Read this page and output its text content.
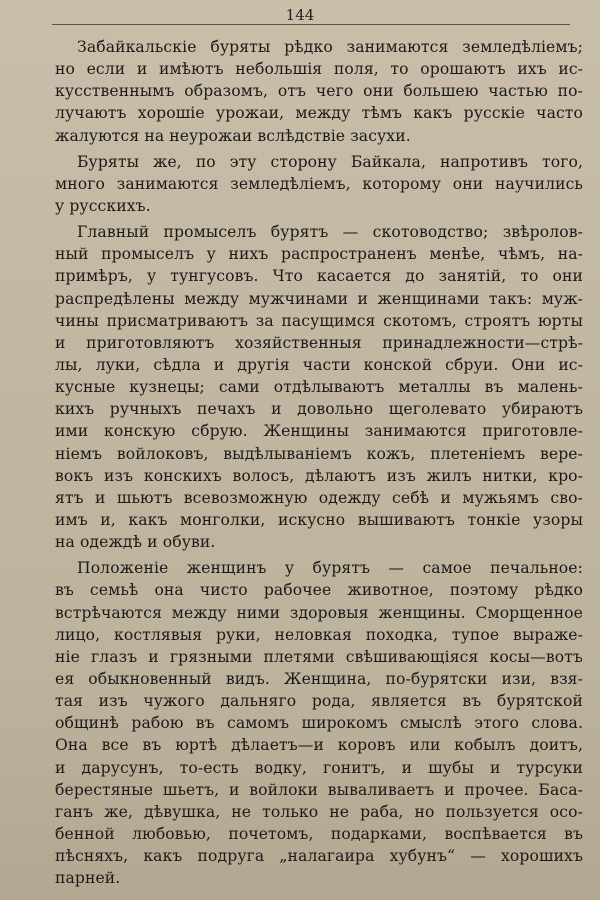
144
Забайкальскіе буряты рѣдко занимаются земледѣліемъ;
но если и имѣютъ небольшія поля, то орошаютъ ихъ ис-
кусственнымъ образомъ, отъ чего они большею частью по-
лучаютъ хорошіе урожаи, между тѣмъ какъ русскіе часто
жалуются на неурожаи вслѣдствіе засухи.
Буряты же, по эту сторону Байкала, напротивъ того,
много занимаются земледѣліемъ, которому они научились
у русскихъ.
Главный промыселъ бурятъ — скотоводство; звѣролов-
ный промыселъ у нихъ распространенъ менѣе, чѣмъ, на-
примѣръ, у тунгусовъ. Что касается до занятій, то они
распредѣлены между мужчинами и женщинами такъ: муж-
чины присматриваютъ за пасущимся скотомъ, строятъ юрты
и приготовляютъ хозяйственныя принадлежности—стрѣ-
лы, луки, сѣдла и другія части конской сбруи. Они ис-
кусные кузнецы; сами отдѣлываютъ металлы въ малень-
кихъ ручныхъ печахъ и довольно щеголевато убираютъ
ими конскую сбрую. Женщины занимаются приготовле-
ніемъ войлоковъ, выдѣлываніемъ кожъ, плетеніемъ вере-
вокъ изъ конскихъ волосъ, дѣлаютъ изъ жилъ нитки, кро-
ятъ и шьютъ всевозможную одежду себѣ и мужьямъ сво-
имъ и, какъ монголки, искусно вышиваютъ тонкіе узоры
на одеждѣ и обуви.
Положеніе женщинъ у бурятъ — самое печальное:
въ семьѣ она чисто рабочее животное, поэтому рѣдко
встрѣчаются между ними здоровыя женщины. Сморщенное
лицо, костлявыя руки, неловкая походка, тупое выраже-
ніе глазъ и грязными плетями свѣшивающіяся косы—вотъ
ея обыкновенный видъ. Женщина, по-бурятски изи, взя-
тая изъ чужого дальняго рода, является въ бурятской
общинѣ рабою въ самомъ широкомъ смыслѣ этого слова.
Она все въ юртѣ дѣлаетъ—и коровъ или кобылъ доитъ,
и дарусунъ, то-есть водку, гонитъ, и шубы и турсуки
берестяные шьетъ, и войлоки вываливаетъ и прочее. Баса-
ганъ же, дѣвушка, не только не раба, но пользуется осо-
бенной любовью, почетомъ, подарками, воспѣвается въ
пѣсняхъ, какъ подруга „налагаира хубунъ“ — хорошихъ
парней.
